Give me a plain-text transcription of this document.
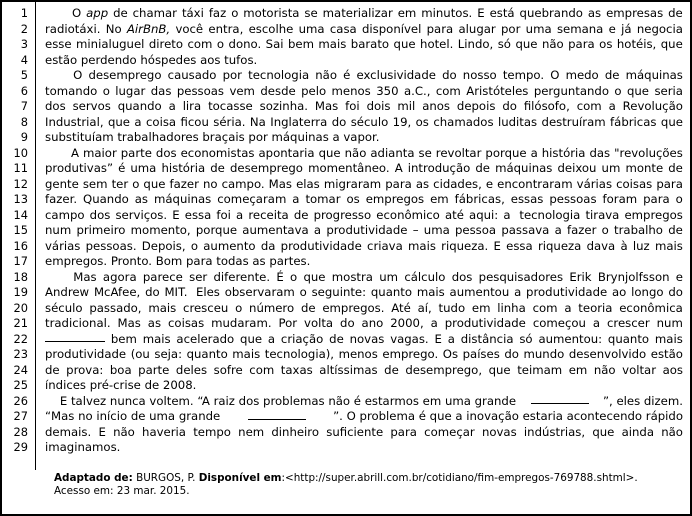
1
2
3
4
5
6
7
8
9
10
11
12
13
14
15
16
17
18
19
20
21
22
23
24
25
26
27
28
29
O app de chamar táxi faz o motorista se materializar em minutos. E está quebrando as empresas de
radiotáxi. No AirBnB, você entra, escolhe uma casa disponível para alugar por uma semana e já negocia
esse minialuguel direto com o dono. Sai bem mais barato que hotel. Lindo, só que não para os hotéis, que
estão perdendo hóspedes aos tufos.
O desemprego causado por tecnologia não é exclusividade do nosso tempo. O medo de máquinas
tomando o lugar das pessoas vem desde pelo menos 350 a.C., com Aristóteles perguntando o que seria
dos servos quando a lira tocasse sozinha. Mas foi dois mil anos depois do filósofo, com a Revolução
Industrial, que a coisa ficou séria. Na Inglaterra do século 19, os chamados luditas destruíram fábricas que
substituíam trabalhadores braçais por máquinas a vapor.
A maior parte dos economistas apontaria que não adianta se revoltar porque a história das "revoluções
produtivas” é uma história de desemprego momentâneo. A introdução de máquinas deixou um monte de
gente sem ter o que fazer no campo. Mas elas migraram para as cidades, e encontraram várias coisas para
fazer. Quando as máquinas começaram a tomar os empregos em fábricas, essas pessoas foram para o
campo dos serviços. E essa foi a receita de progresso econômico até aqui: a tecnologia tirava empregos
num primeiro momento, porque aumentava a produtividade – uma pessoa passava a fazer o trabalho de
várias pessoas. Depois, o aumento da produtividade criava mais riqueza. E essa riqueza dava à luz mais
empregos. Pronto. Bom para todas as partes.
Mas agora parece ser diferente. É o que mostra um cálculo dos pesquisadores Erik Brynjolfsson e
Andrew McAfee, do MIT. Eles observaram o seguinte: quanto mais aumentou a produtividade ao longo do
século passado, mais cresceu o número de empregos. Até aí, tudo em linha com a teoria econômica
tradicional. Mas as coisas mudaram. Por volta do ano 2000, a produtividade começou a crescer num
bem mais acelerado que a criação de novas vagas. E a distância só aumentou: quanto mais
produtividade (ou seja: quanto mais tecnologia), menos emprego. Os países do mundo desenvolvido estão
de prova: boa parte deles sofre com taxas altíssimas de desemprego, que teimam em não voltar aos
índices pré-crise de 2008.
E talvez nunca voltem. “A raiz dos problemas não é estarmos em uma grande	”, eles dizem.
“Mas no início de uma grande	”. O problema é que a inovação estaria acontecendo rápido
demais. E não haveria tempo nem dinheiro suficiente para começar novas indústrias, que ainda não
imaginamos.
Adaptado de: BURGOS, P. Disponível em:<http://super.abrill.com.br/cotidiano/fim-empregos-769788.shtml>. Acesso em: 23 mar. 2015.
